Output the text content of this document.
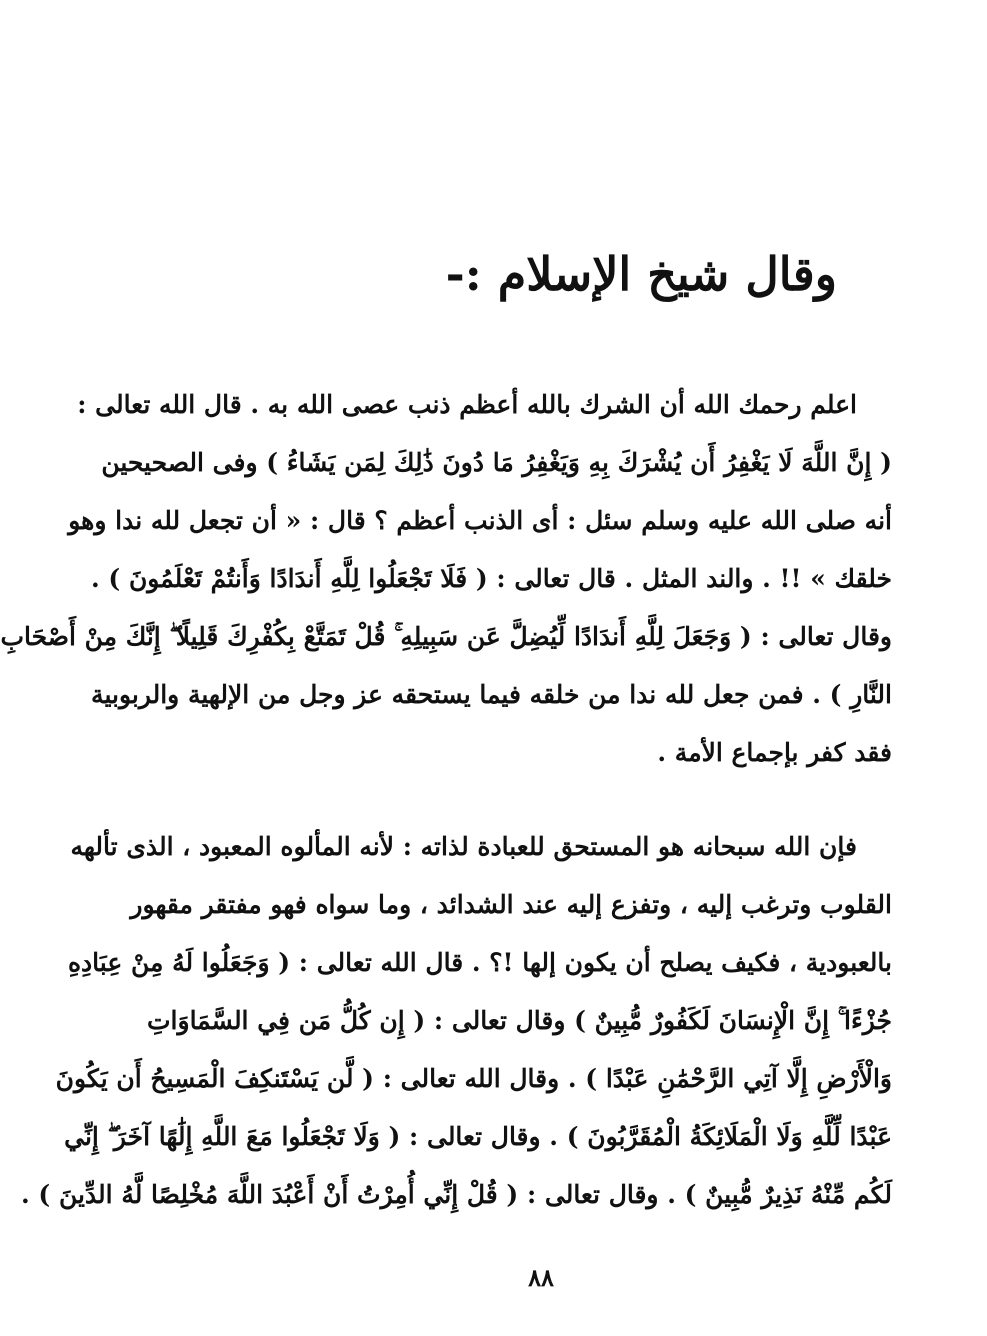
وقال شيخ الإسلام :-
اعلم رحمك الله أن الشرك بالله أعظم ذنب عصى الله به . قال الله تعالى :
( إِنَّ اللَّهَ لَا يَغْفِرُ أَن يُشْرَكَ بِهِ وَيَغْفِرُ مَا دُونَ ذَٰلِكَ لِمَن يَشَاءُ ) وفى الصحيحين
أنه صلى الله عليه وسلم سئل : أى الذنب أعظم ؟ قال : « أن تجعل لله ندا وهو
خلقك » !! . والند المثل . قال تعالى : ( فَلَا تَجْعَلُوا لِلَّهِ أَندَادًا وَأَنتُمْ تَعْلَمُونَ ) .
وقال تعالى : ( وَجَعَلَ لِلَّهِ أَندَادًا لِّيُضِلَّ عَن سَبِيلِهِ ۚ قُلْ تَمَتَّعْ بِكُفْرِكَ قَلِيلًا ۖ إِنَّكَ مِنْ أَصْحَابِ
النَّارِ ) . فمن جعل لله ندا من خلقه فيما يستحقه عز وجل من الإلهية والربوبية
فقد كفر بإجماع الأمة .
فإن الله سبحانه هو المستحق للعبادة لذاته : لأنه المألوه المعبود ، الذى تألهه
القلوب وترغب إليه ، وتفزع إليه عند الشدائد ، وما سواه فهو مفتقر مقهور
بالعبودية ، فكيف يصلح أن يكون إلها !؟ . قال الله تعالى : ( وَجَعَلُوا لَهُ مِنْ عِبَادِهِ
جُزْءًا ۚ إِنَّ الْإِنسَانَ لَكَفُورٌ مُّبِينٌ ) وقال تعالى : ( إِن كُلُّ مَن فِي السَّمَاوَاتِ
وَالْأَرْضِ إِلَّا آتِي الرَّحْمَٰنِ عَبْدًا ) . وقال الله تعالى : ( لَّن يَسْتَنكِفَ الْمَسِيحُ أَن يَكُونَ
عَبْدًا لِّلَّهِ وَلَا الْمَلَائِكَةُ الْمُقَرَّبُونَ ) . وقال تعالى : ( وَلَا تَجْعَلُوا مَعَ اللَّهِ إِلَٰهًا آخَرَ ۖ إِنِّي
لَكُم مِّنْهُ نَذِيرٌ مُّبِينٌ ) . وقال تعالى : ( قُلْ إِنِّي أُمِرْتُ أَنْ أَعْبُدَ اللَّهَ مُخْلِصًا لَّهُ الدِّينَ ) .
٨٨
